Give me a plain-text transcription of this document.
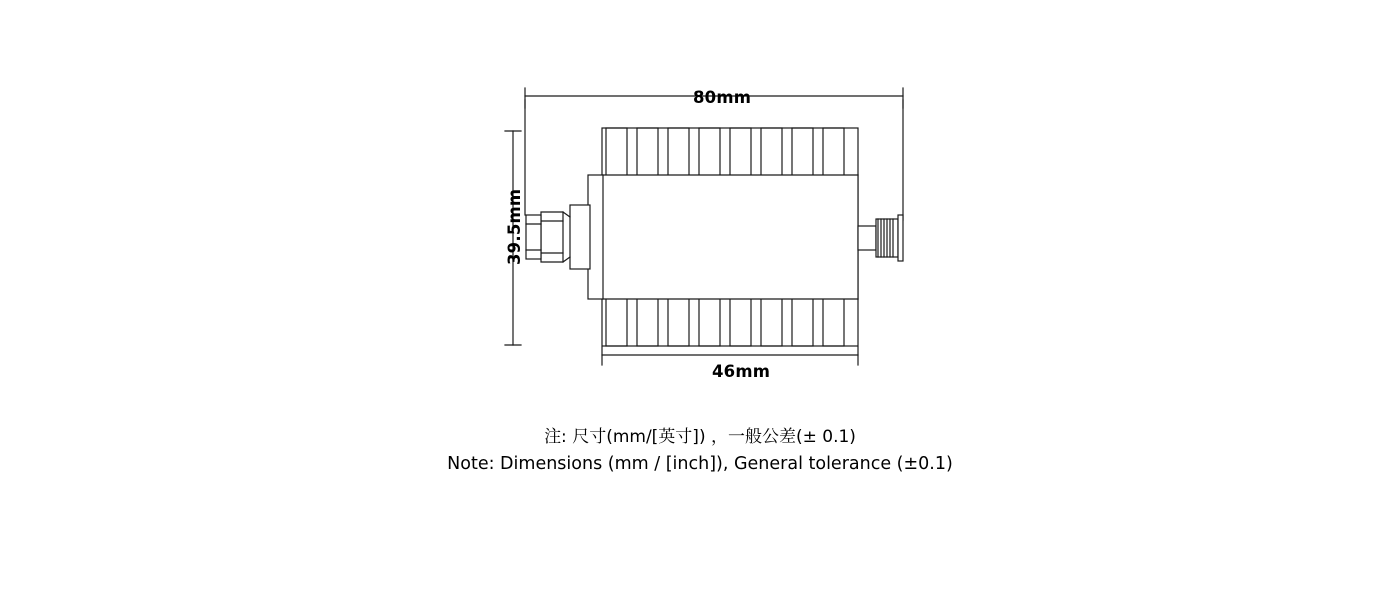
80mm
46mm
39.5mm
注: 尺寸(mm/[英寸]) ，一般公差(± 0.1)
Note: Dimensions (mm / [inch]), General tolerance (±0.1)
